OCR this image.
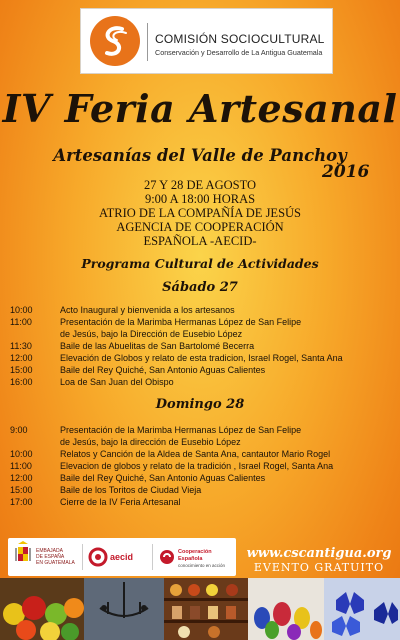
COMISIÓN SOCIOCULTURAL
Conservación y Desarrollo de La Antigua Guatemala
IV Feria Artesanal
Artesanías del Valle de Panchoy
2016
27 Y 28 DE AGOSTO
9:00 A 18:00 HORAS
ATRIO DE LA COMPAÑÍA DE JESÚS
AGENCIA DE COOPERACIÓN
ESPAÑOLA -AECID-
Programa Cultural de Actividades
Sábado 27
10:00	Acto Inaugural y bienvenida a los artesanos
11:00	Presentación de la Marimba Hermanas López de San Felipe
de Jesús, bajo la Dirección de Eusebio López
11:30	Baile de las Abuelitas de San Bartolomé Becerra
12:00	Elevación de Globos y relato de esta tradicion, Israel Rogel, Santa Ana
15:00	Baile del Rey Quiché, San Antonio Aguas Calientes
16:00	Loa de San Juan del Obispo
Domingo 28
9:00	Presentación de la Marimba Hermanas López de San Felipe
de Jesús, bajo la dirección de Eusebio López
10:00	Relatos y Canción de la Aldea de Santa Ana, cantautor Mario Rogel
11:00	Elevacion de globos y relato de la tradición , Israel Rogel, Santa Ana
12:00	Baile del Rey Quiché, San Antonio Aguas Calientes
15:00	Baile de los Toritos de Ciudad Vieja
17:00	Cierre de la IV Feria Artesanal
EMBAJADA
DE ESPAÑA
EN GUATEMALA
aecid	Cooperación
Española
conocimiento en acción
www.cscantigua.org
EVENTO GRATUITO
